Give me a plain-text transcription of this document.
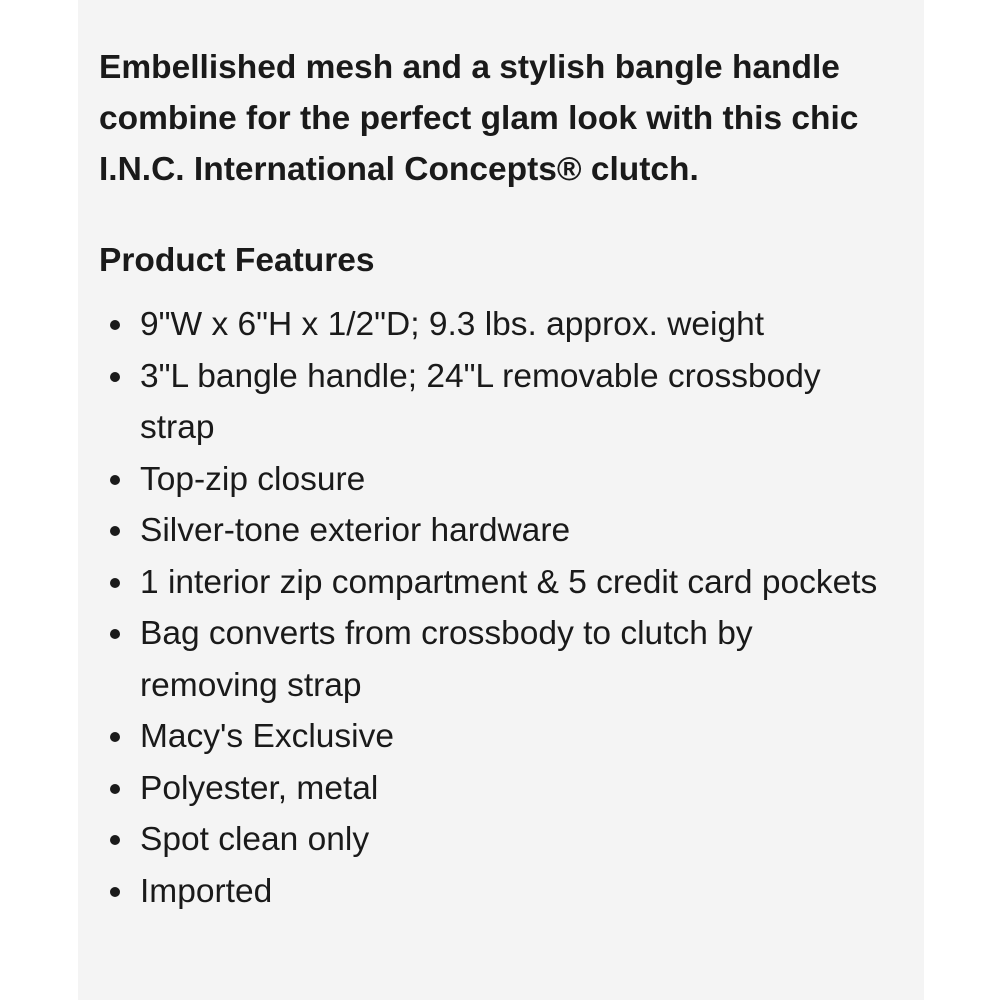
Embellished mesh and a stylish bangle handle combine for the perfect glam look with this chic I.N.C. International Concepts® clutch.

Product Features
9"W x 6"H x 1/2"D; 9.3 lbs. approx. weight
3"L bangle handle; 24"L removable crossbody strap
Top-zip closure
Silver-tone exterior hardware
1 interior zip compartment & 5 credit card pockets
Bag converts from crossbody to clutch by removing strap
Macy's Exclusive
Polyester, metal
Spot clean only
Imported
